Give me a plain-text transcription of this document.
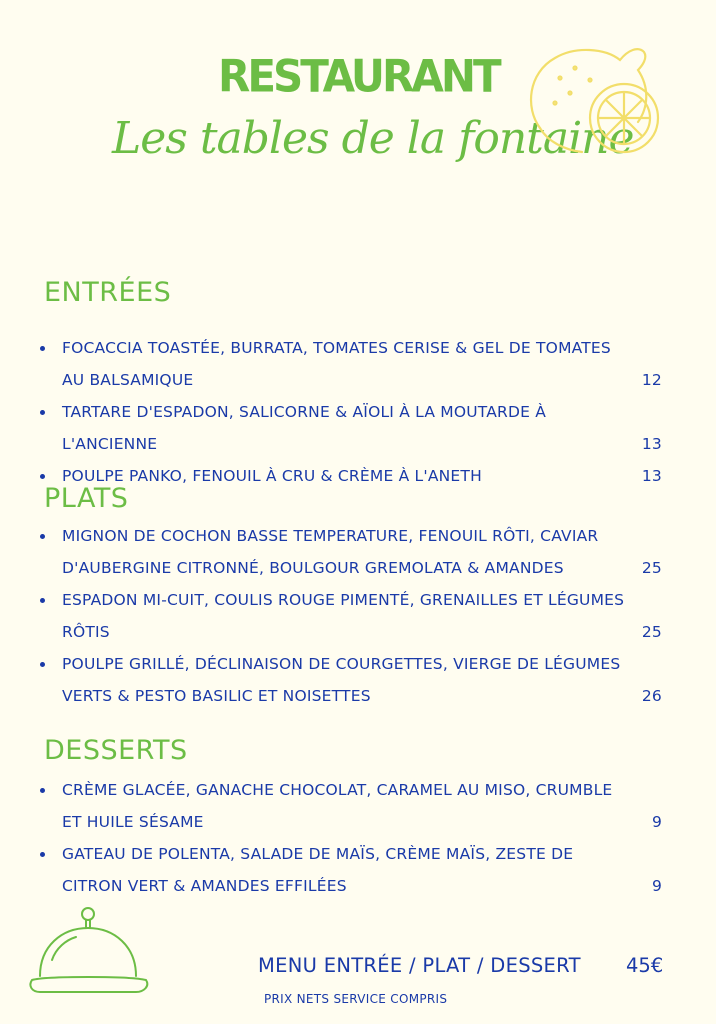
RESTAURANT
Les tables de la fontaine
ENTRÉES
FOCACCIA TOASTÉE, BURRATA, TOMATES CERISE & GEL DE TOMATES AU BALSAMIQUE	12
TARTARE D'ESPADON, SALICORNE & AÏOLI À LA MOUTARDE À L'ANCIENNE	13
POULPE PANKO, FENOUIL À CRU & CRÈME À L'ANETH	13
PLATS
MIGNON DE COCHON BASSE TEMPERATURE, FENOUIL RÔTI, CAVIAR D'AUBERGINE CITRONNÉ, BOULGOUR GREMOLATA & AMANDES	25
ESPADON MI-CUIT, COULIS ROUGE PIMENTÉ, GRENAILLES ET LÉGUMES RÔTIS	25
POULPE GRILLÉ, DÉCLINAISON DE COURGETTES, VIERGE DE LÉGUMES VERTS & PESTO BASILIC ET NOISETTES	26
DESSERTS
CRÈME GLACÉE, GANACHE CHOCOLAT, CARAMEL AU MISO, CRUMBLE ET HUILE SÉSAME	9
GATEAU DE POLENTA, SALADE DE MAÏS, CRÈME MAÏS, ZESTE DE CITRON VERT & AMANDES EFFILÉES	9
MENU ENTRÉE / PLAT / DESSERT 45€
PRIX NETS SERVICE COMPRIS
